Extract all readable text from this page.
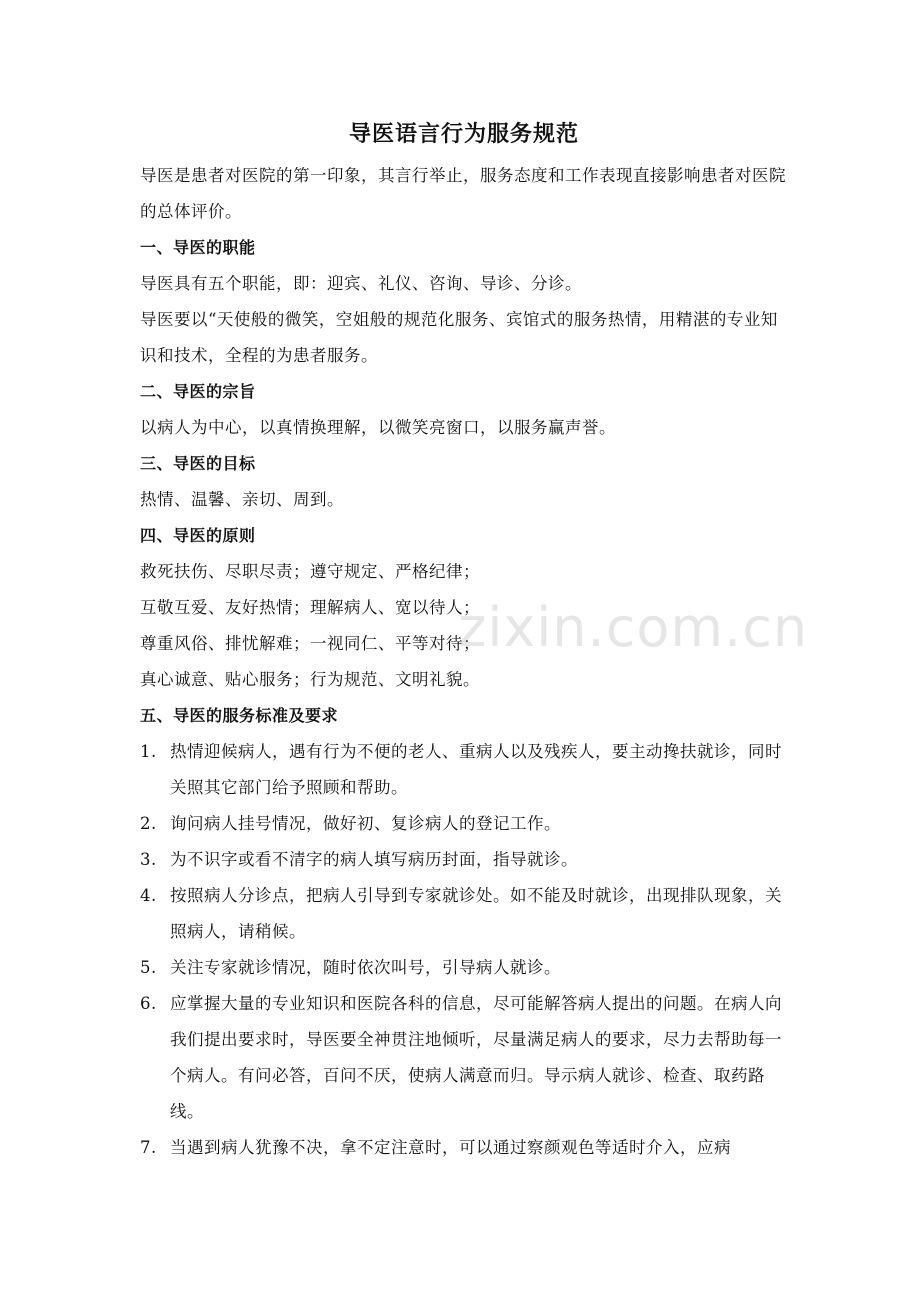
导医语言行为服务规范

导医是患者对医院的第一印象，其言行举止，服务态度和工作表现直接影响患者对医院的总体评价。

一、导医的职能

导医具有五个职能，即：迎宾、礼仪、咨询、导诊、分诊。

导医要以“天使般的微笑，空姐般的规范化服务、宾馆式的服务热情，用精湛的专业知识和技术，全程的为患者服务。

二、导医的宗旨

以病人为中心，以真情换理解，以微笑亮窗口，以服务赢声誉。

三、导医的目标

热情、温馨、亲切、周到。

四、导医的原则

救死扶伤、尽职尽责；遵守规定、严格纪律；

互敬互爱、友好热情；理解病人、宽以待人；

尊重风俗、排忧解难；一视同仁、平等对待；

真心诚意、贴心服务；行为规范、文明礼貌。

五、导医的服务标准及要求
1. 热情迎候病人，遇有行为不便的老人、重病人以及残疾人，要主动搀扶就诊，同时关照其它部门给予照顾和帮助。
2. 询问病人挂号情况，做好初、复诊病人的登记工作。
3. 为不识字或看不清字的病人填写病历封面，指导就诊。
4. 按照病人分诊点，把病人引导到专家就诊处。如不能及时就诊，出现排队现象，关照病人，请稍候。
5. 关注专家就诊情况，随时依次叫号，引导病人就诊。
6. 应掌握大量的专业知识和医院各科的信息，尽可能解答病人提出的问题。在病人向我们提出要求时，导医要全神贯注地倾听，尽量满足病人的要求，尽力去帮助每一个病人。有问必答，百问不厌，使病人满意而归。导示病人就诊、检查、取药路线。
7. 当遇到病人犹豫不决，拿不定注意时，可以通过察颜观色等适时介入，应病
zixin.com.cn
